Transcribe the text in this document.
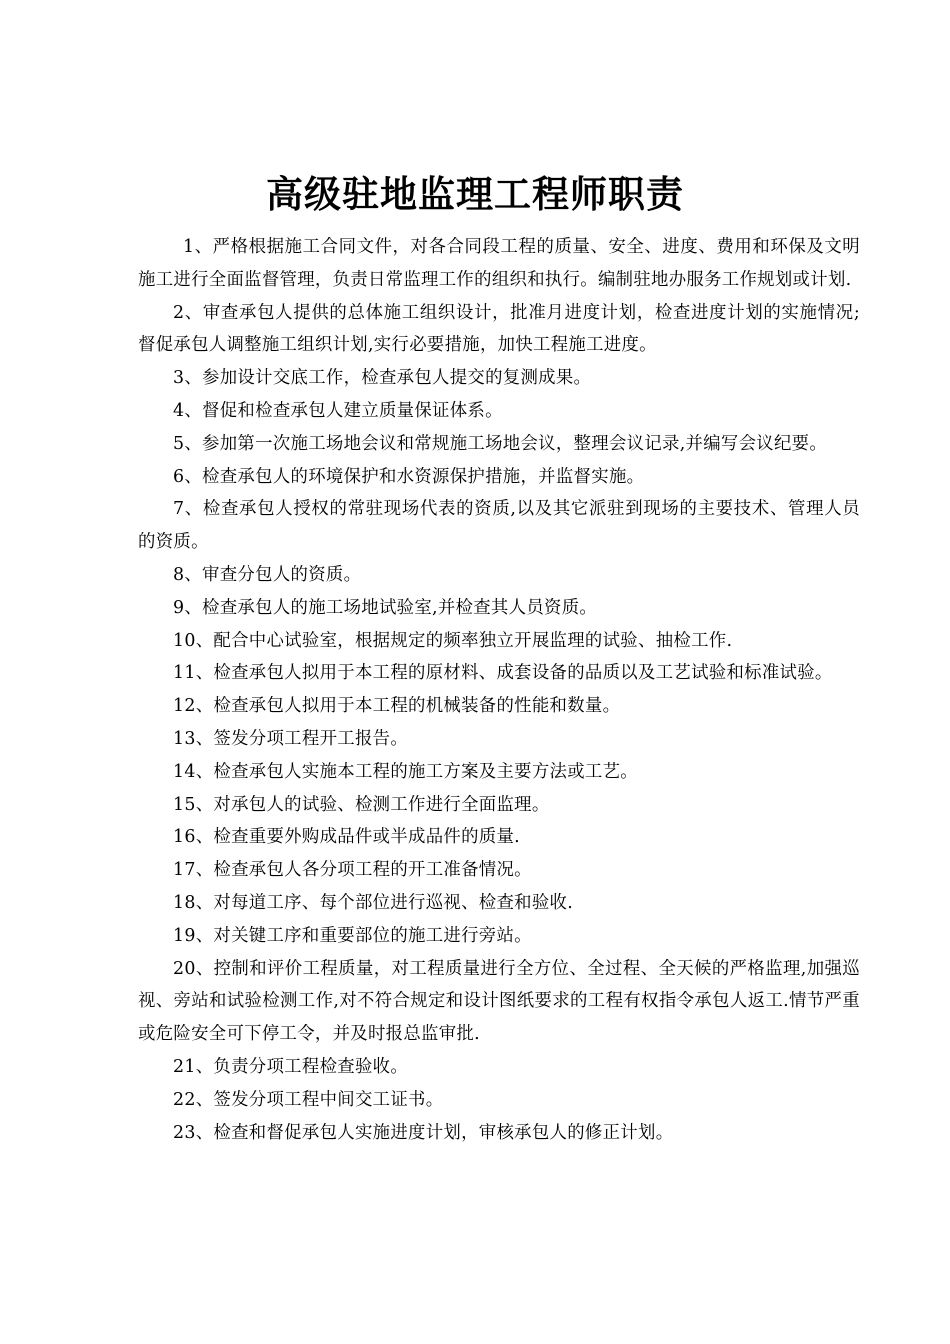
高级驻地监理工程师职责

1、严格根据施工合同文件，对各合同段工程的质量、安全、进度、费用和环保及文明施工进行全面监督管理，负责日常监理工作的组织和执行。编制驻地办服务工作规划或计划.

2、审查承包人提供的总体施工组织设计，批准月进度计划，检查进度计划的实施情况;督促承包人调整施工组织计划,实行必要措施，加快工程施工进度。

3、参加设计交底工作，检查承包人提交的复测成果。

4、督促和检查承包人建立质量保证体系。

5、参加第一次施工场地会议和常规施工场地会议，整理会议记录,并编写会议纪要。

6、检查承包人的环境保护和水资源保护措施，并监督实施。

7、检查承包人授权的常驻现场代表的资质,以及其它派驻到现场的主要技术、管理人员的资质。

8、审查分包人的资质。

9、检查承包人的施工场地试验室,并检查其人员资质。

10、配合中心试验室，根据规定的频率独立开展监理的试验、抽检工作.

11、检查承包人拟用于本工程的原材料、成套设备的品质以及工艺试验和标准试验。

12、检查承包人拟用于本工程的机械装备的性能和数量。

13、签发分项工程开工报告。

14、检查承包人实施本工程的施工方案及主要方法或工艺。

15、对承包人的试验、检测工作进行全面监理。

16、检查重要外购成品件或半成品件的质量.

17、检查承包人各分项工程的开工准备情况。

18、对每道工序、每个部位进行巡视、检查和验收.

19、对关键工序和重要部位的施工进行旁站。

20、控制和评价工程质量，对工程质量进行全方位、全过程、全天候的严格监理,加强巡视、旁站和试验检测工作,对不符合规定和设计图纸要求的工程有权指令承包人返工.情节严重或危险安全可下停工令，并及时报总监审批.

21、负责分项工程检查验收。

22、签发分项工程中间交工证书。

23、检查和督促承包人实施进度计划，审核承包人的修正计划。
